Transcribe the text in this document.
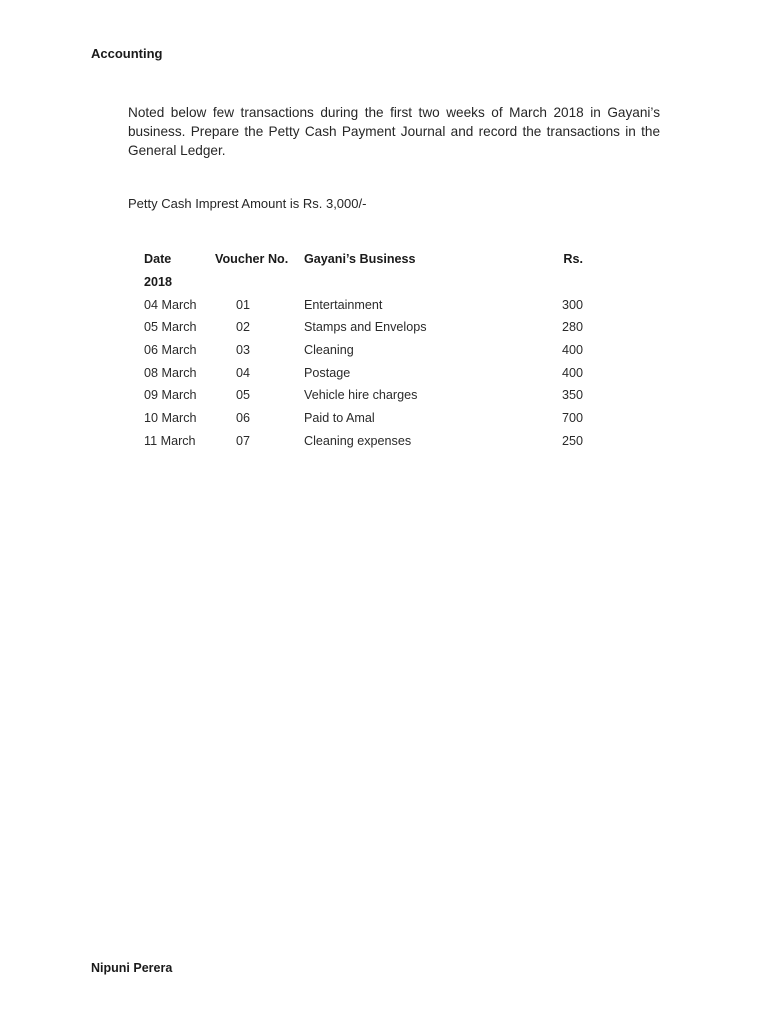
Accounting

Noted below few transactions during the first two weeks of March 2018 in Gayani’s business. Prepare the Petty Cash Payment Journal and record the transactions in the General Ledger.

Petty Cash Imprest Amount is Rs. 3,000/-

Date	Voucher No.	Gayani’s Business	Rs.
2018			
04 March	01	Entertainment	300
05 March	02	Stamps and Envelops	280
06 March	03	Cleaning	400
08 March	04	Postage	400
09 March	05	Vehicle hire charges	350
10 March	06	Paid to Amal	700
11 March	07	Cleaning expenses	250
Nipuni Perera
